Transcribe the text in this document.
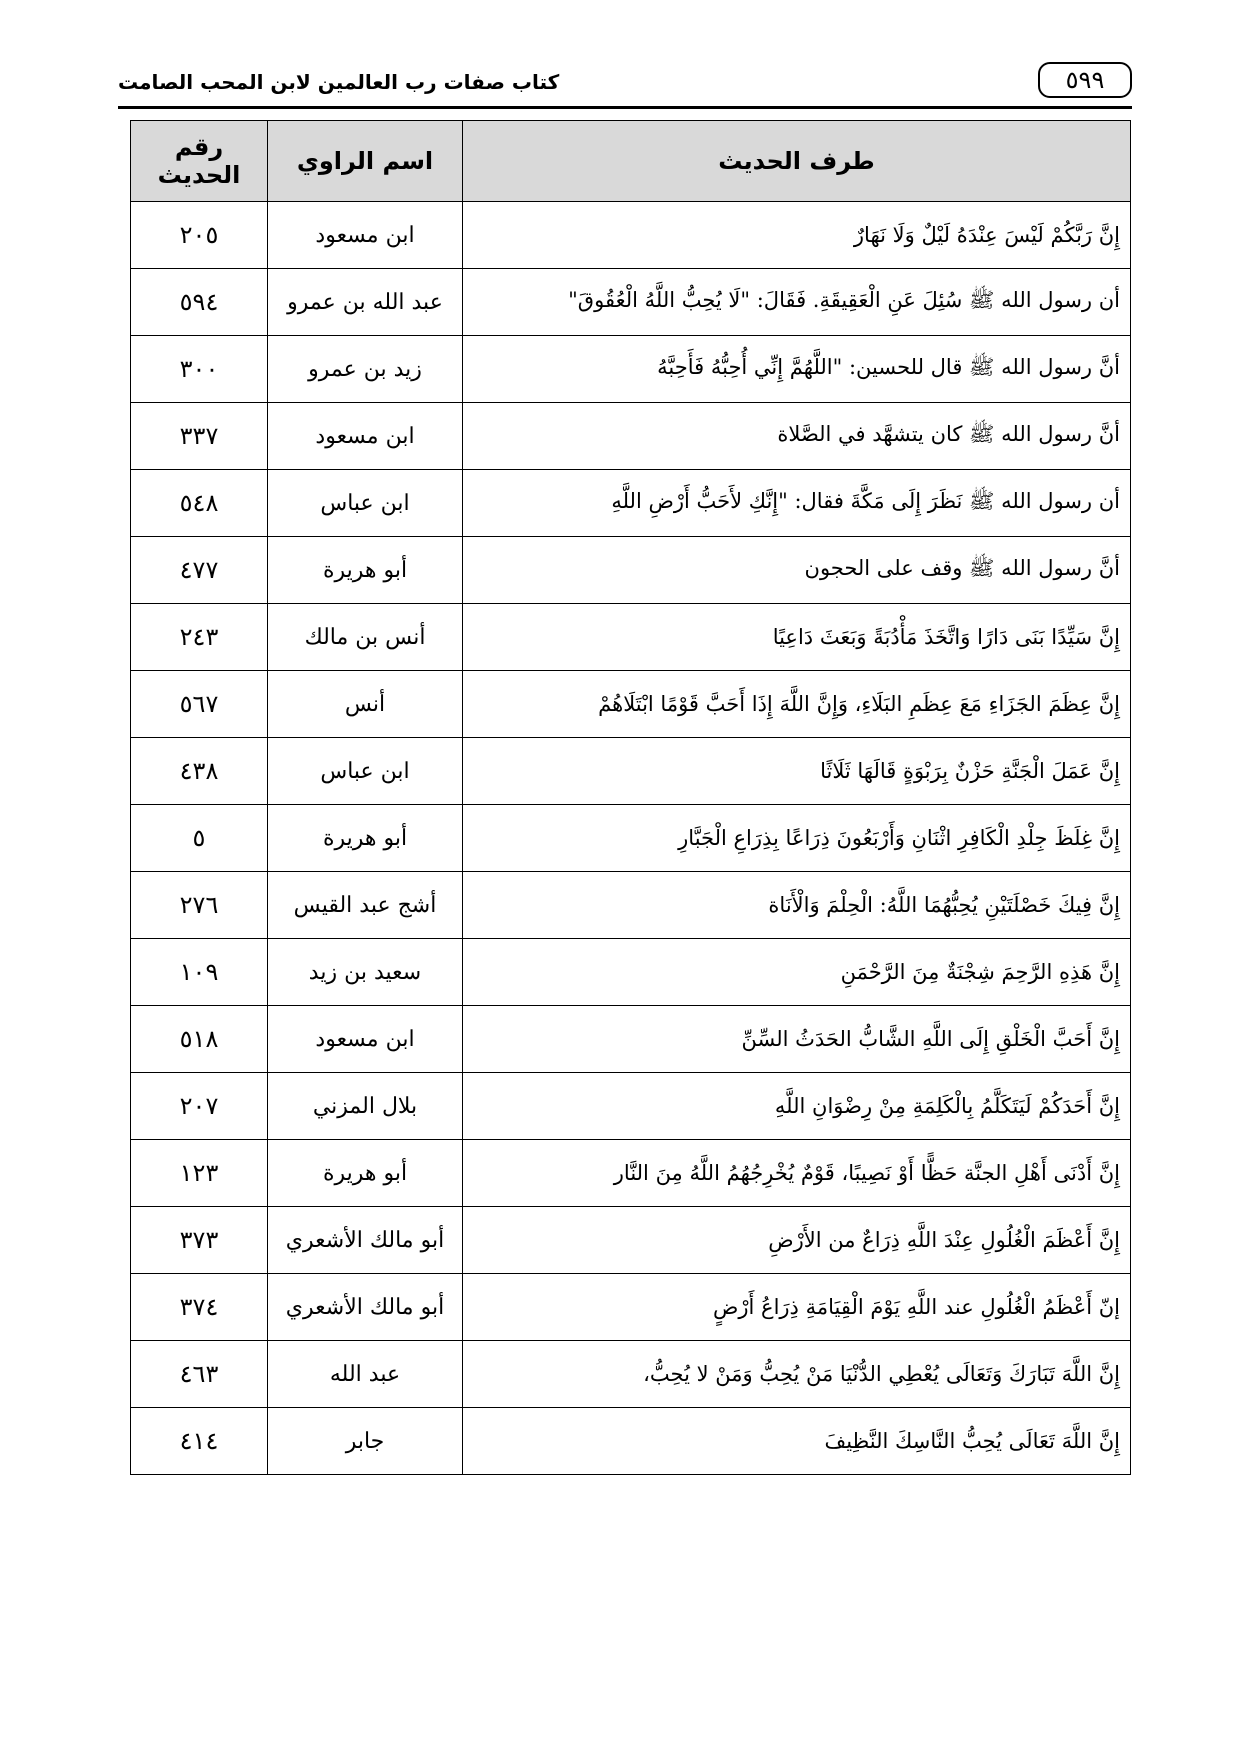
كتاب صفات رب العالمين لابن المحب الصامت	٥٩٩
طرف الحديث	اسم الراوي	رقم الحديث
إِنَّ رَبَّكُمْ لَيْسَ عِنْدَهُ لَيْلٌ وَلَا نَهَارٌ	ابن مسعود	٢٠٥
أن رسول الله ﷺ سُئِلَ عَنِ الْعَقِيقَةِ. فَقَالَ: "لَا يُحِبُّ اللَّهُ الْعُقُوقَ"	عبد الله بن عمرو	٥٩٤
أنَّ رسول الله ﷺ قال للحسين: "اللَّهُمَّ إِنِّي أُحِبُّهُ فَأَحِبَّهُ	زيد بن عمرو	٣٠٠
أنَّ رسول الله ﷺ كان يتشهَّد في الصَّلاة	ابن مسعود	٣٣٧
أن رسول الله ﷺ نَظَرَ إِلَى مَكَّةَ فقال: "إِنَّكِ لأَحَبُّ أَرْضِ اللَّهِ	ابن عباس	٥٤٨
أنَّ رسول الله ﷺ وقف على الحجون	أبو هريرة	٤٧٧
إِنَّ سَيِّدًا بَنَى دَارًا وَاتَّخَذَ مَأْدُبَةً وَبَعَثَ دَاعِيًا	أنس بن مالك	٢٤٣
إِنَّ عِظَمَ الجَزَاءِ مَعَ عِظَمِ البَلَاءِ، وَإِنَّ اللَّهَ إِذَا أَحَبَّ قَوْمًا ابْتَلَاهُمْ	أنس	٥٦٧
إِنَّ عَمَلَ الْجَنَّةِ حَزْنٌ بِرَبْوَةٍ قَالَهَا ثَلَاثًا	ابن عباس	٤٣٨
إِنَّ غِلَظَ جِلْدِ الْكَافِرِ اثْنَانِ وَأَرْبَعُونَ ذِرَاعًا بِذِرَاعِ الْجَبَّارِ	أبو هريرة	٥
إِنَّ فِيكَ خَصْلَتَيْنِ يُحِبُّهُمَا اللَّهُ: الْحِلْمَ وَالْأَنَاة	أشج عبد القيس	٢٧٦
إِنَّ هَذِهِ الرَّحِمَ شِجْنَةٌ مِنَ الرَّحْمَنِ	سعيد بن زيد	١٠٩
إِنَّ أَحَبَّ الْخَلْقِ إِلَى اللَّهِ الشَّابُّ الحَدَثُ السِّنِّ	ابن مسعود	٥١٨
إِنَّ أَحَدَكُمْ لَيَتَكَلَّمُ بِالْكَلِمَةِ مِنْ رِضْوَانِ اللَّهِ	بلال المزني	٢٠٧
إِنَّ أَدْنَى أَهْلِ الجنَّة حَظًّا أَوْ نَصِيبًا، قَوْمٌ يُخْرِجُهُمُ اللَّهُ مِنَ النَّار	أبو هريرة	١٢٣
إِنَّ أَعْظَمَ الْغُلُولِ عِنْدَ اللَّهِ ذِرَاعٌ من الأَرْضِ	أبو مالك الأشعري	٣٧٣
إنّ أَعْظَمُ الْغُلُولِ عند اللَّهِ يَوْمَ الْقِيَامَةِ ذِرَاعُ أَرْضٍ	أبو مالك الأشعري	٣٧٤
إِنَّ اللَّهَ تَبَارَكَ وَتَعَالَى يُعْطِي الدُّنْيَا مَنْ يُحِبُّ وَمَنْ لا يُحِبُّ،	عبد الله	٤٦٣
إِنَّ اللَّهَ تَعَالَى يُحِبُّ النَّاسِكَ النَّظِيفَ	جابر	٤١٤
